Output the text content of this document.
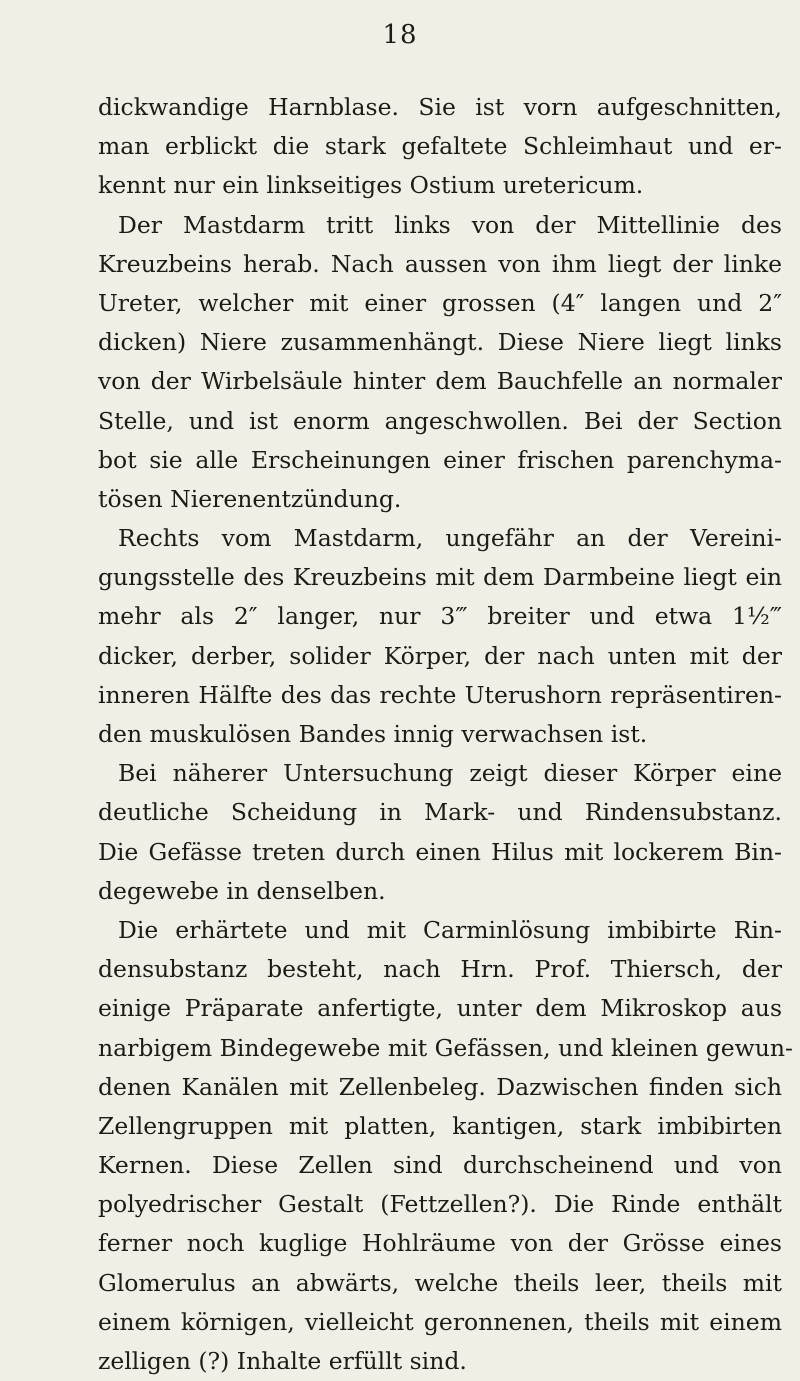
18
dickwandige Harnblase. Sie ist vorn aufgeschnitten,
man erblickt die stark gefaltete Schleimhaut und er-
kennt nur ein linkseitiges Ostium uretericum.
Der Mastdarm tritt links von der Mittellinie des
Kreuzbeins herab. Nach aussen von ihm liegt der linke
Ureter, welcher mit einer grossen (4″ langen und 2″
dicken) Niere zusammenhängt. Diese Niere liegt links
von der Wirbelsäule hinter dem Bauchfelle an normaler
Stelle, und ist enorm angeschwollen. Bei der Section
bot sie alle Erscheinungen einer frischen parenchyma-
tösen Nierenentzündung.
Rechts vom Mastdarm, ungefähr an der Vereini-
gungsstelle des Kreuzbeins mit dem Darmbeine liegt ein
mehr als 2″ langer, nur 3‴ breiter und etwa 1½‴
dicker, derber, solider Körper, der nach unten mit der
inneren Hälfte des das rechte Uterushorn repräsentiren-
den muskulösen Bandes innig verwachsen ist.
Bei näherer Untersuchung zeigt dieser Körper eine
deutliche Scheidung in Mark- und Rindensubstanz.
Die Gefässe treten durch einen Hilus mit lockerem Bin-
degewebe in denselben.
Die erhärtete und mit Carminlösung imbibirte Rin-
densubstanz besteht, nach Hrn. Prof. Thiersch, der
einige Präparate anfertigte, unter dem Mikroskop aus
narbigem Bindegewebe mit Gefässen, und kleinen gewun-
denen Kanälen mit Zellenbeleg. Dazwischen finden sich
Zellengruppen mit platten, kantigen, stark imbibirten
Kernen. Diese Zellen sind durchscheinend und von
polyedrischer Gestalt (Fettzellen?). Die Rinde enthält
ferner noch kuglige Hohlräume von der Grösse eines
Glomerulus an abwärts, welche theils leer, theils mit
einem körnigen, vielleicht geronnenen, theils mit einem
zelligen (?) Inhalte erfüllt sind.
